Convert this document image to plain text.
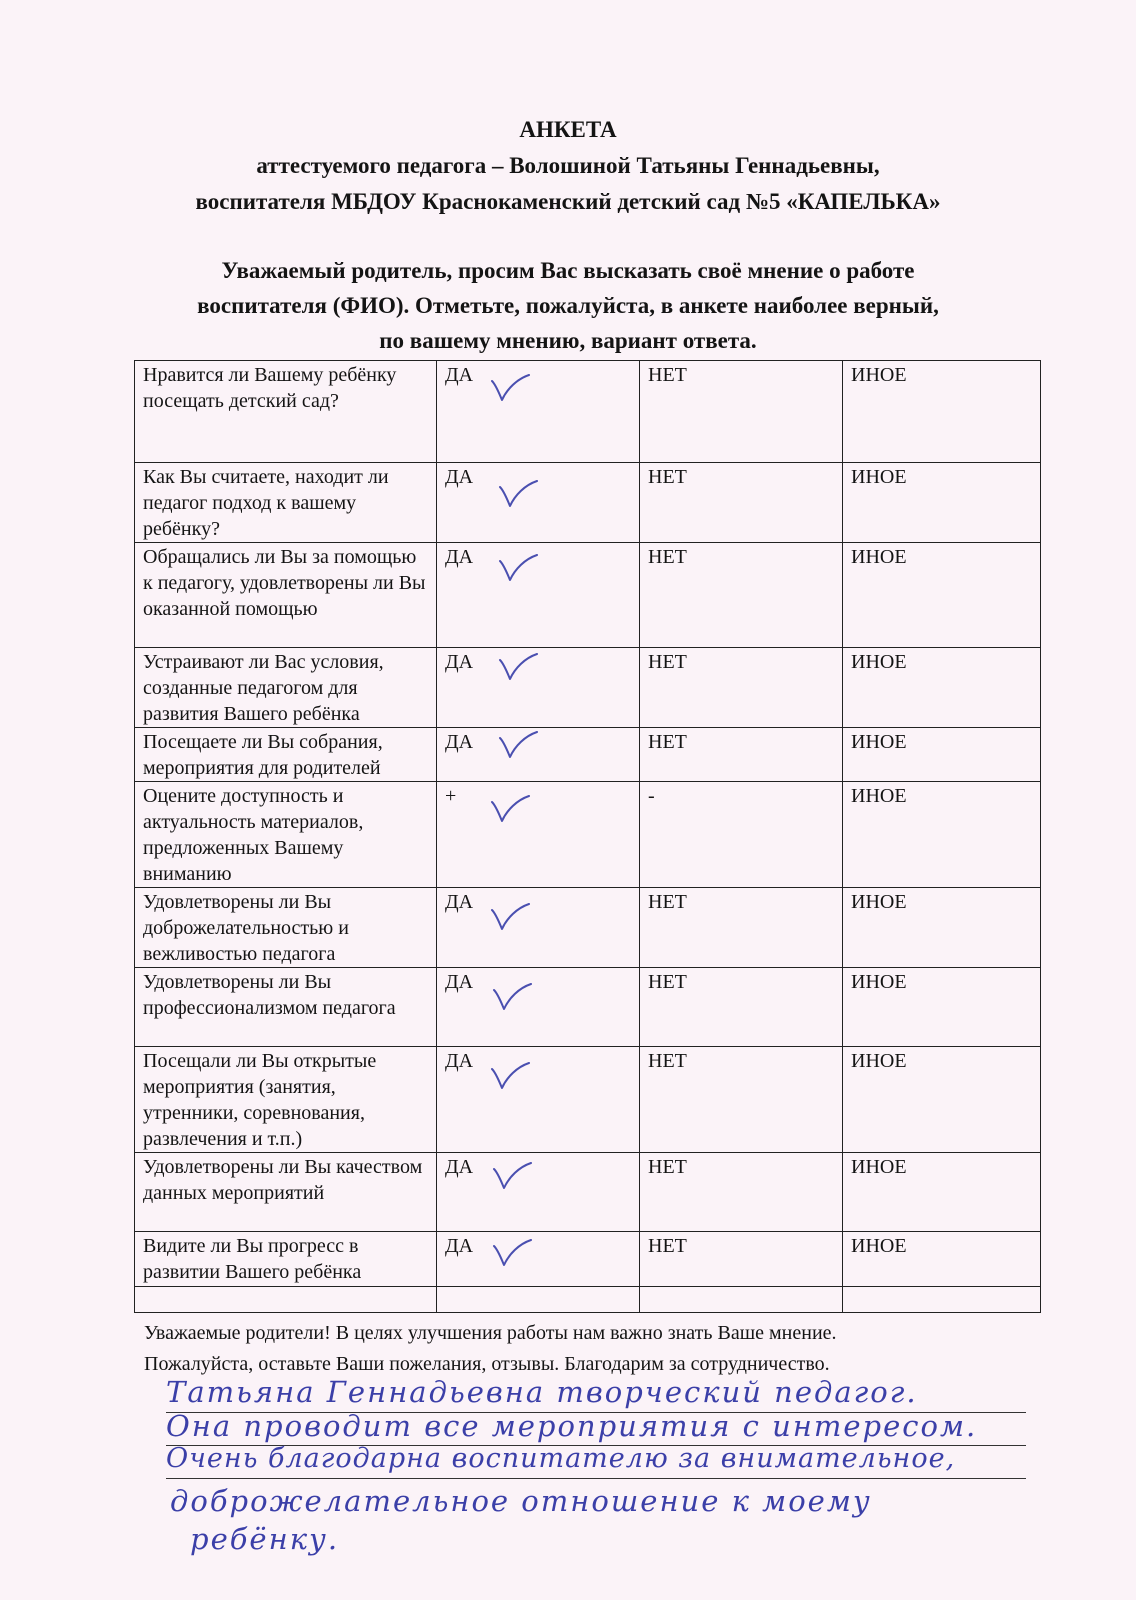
АНКЕТА
аттестуемого педагога – Волошиной Татьяны Геннадьевны,
воспитателя МБДОУ Краснокаменский детский сад №5 «КАПЕЛЬКА»
Уважаемый родитель, просим Вас высказать своё мнение о работе
воспитателя (ФИО). Отметьте, пожалуйста, в анкете наиболее верный,
по вашему мнению, вариант ответа.
Нравится ли Вашему ребёнку посещать детский сад?	ДА	НЕТ	ИНОЕ
Как Вы считаете, находит ли педагог подход к вашему ребёнку?	ДА	НЕТ	ИНОЕ
Обращались ли Вы за помощью к педагогу, удовлетворены ли Вы оказанной помощью	ДА	НЕТ	ИНОЕ
Устраивают ли Вас условия, созданные педагогом для развития Вашего ребёнка	ДА	НЕТ	ИНОЕ
Посещаете ли Вы собрания, мероприятия для родителей	ДА	НЕТ	ИНОЕ
Оцените доступность и актуальность материалов, предложенных Вашему вниманию	+	-	ИНОЕ
Удовлетворены ли Вы доброжелательностью и вежливостью педагога	ДА	НЕТ	ИНОЕ
Удовлетворены ли Вы профессионализмом педагога	ДА	НЕТ	ИНОЕ
Посещали ли Вы открытые мероприятия (занятия, утренники, соревнования, развлечения и т.п.)	ДА	НЕТ	ИНОЕ
Удовлетворены ли Вы качеством данных мероприятий	ДА	НЕТ	ИНОЕ
Видите ли Вы прогресс в развитии Вашего ребёнка	ДА	НЕТ	ИНОЕ

Уважаемые родители! В целях улучшения работы нам важно знать Ваше мнение.
Пожалуйста, оставьте Ваши пожелания, отзывы. Благодарим за сотрудничество.
Татьяна Геннадьевна творческий педагог.
Она проводит все мероприятия с интересом.
Очень благодарна воспитателю за внимательное,
доброжелательное отношение к моему
ребёнку.
